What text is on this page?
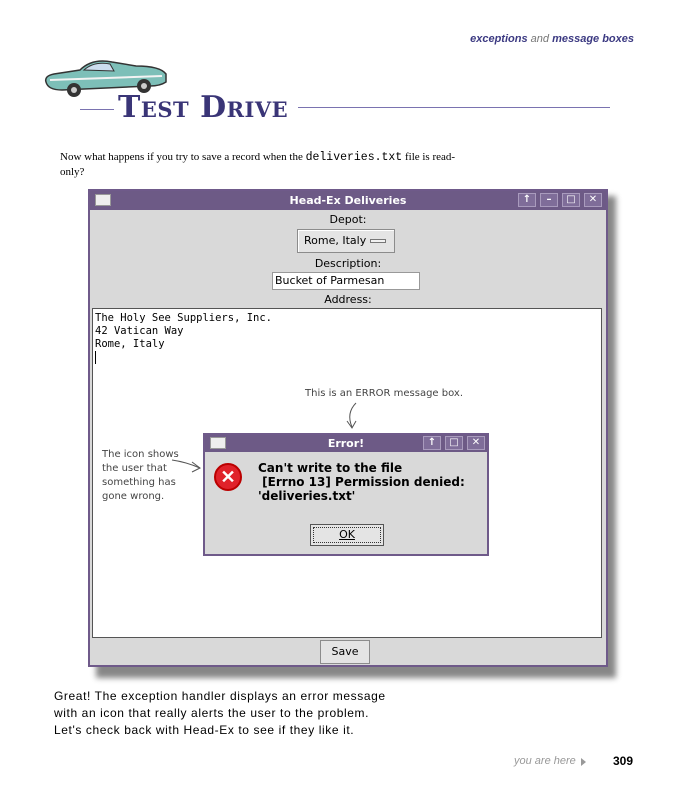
exceptions and message boxes
Test Drive
Now what happens if you try to save a record when the deliveries.txt file is read-only?
Head-Ex Deliveries	↑	–	□	✕
Depot:
Rome, Italy
Description:
Bucket of Parmesan
Address:
The Holy See Suppliers, Inc.
42 Vatican Way
Rome, Italy
Save
This is an ERROR message box.
The icon shows
the user that
something has
gone wrong.
Error!	↑	□	✕
✕	Can't write to the file
[Errno 13] Permission denied:
'deliveries.txt'
OK
Great! The exception handler displays an error message
with an icon that really alerts the user to the problem.
Let's check back with Head-Ex to see if they like it.
you are here	309
